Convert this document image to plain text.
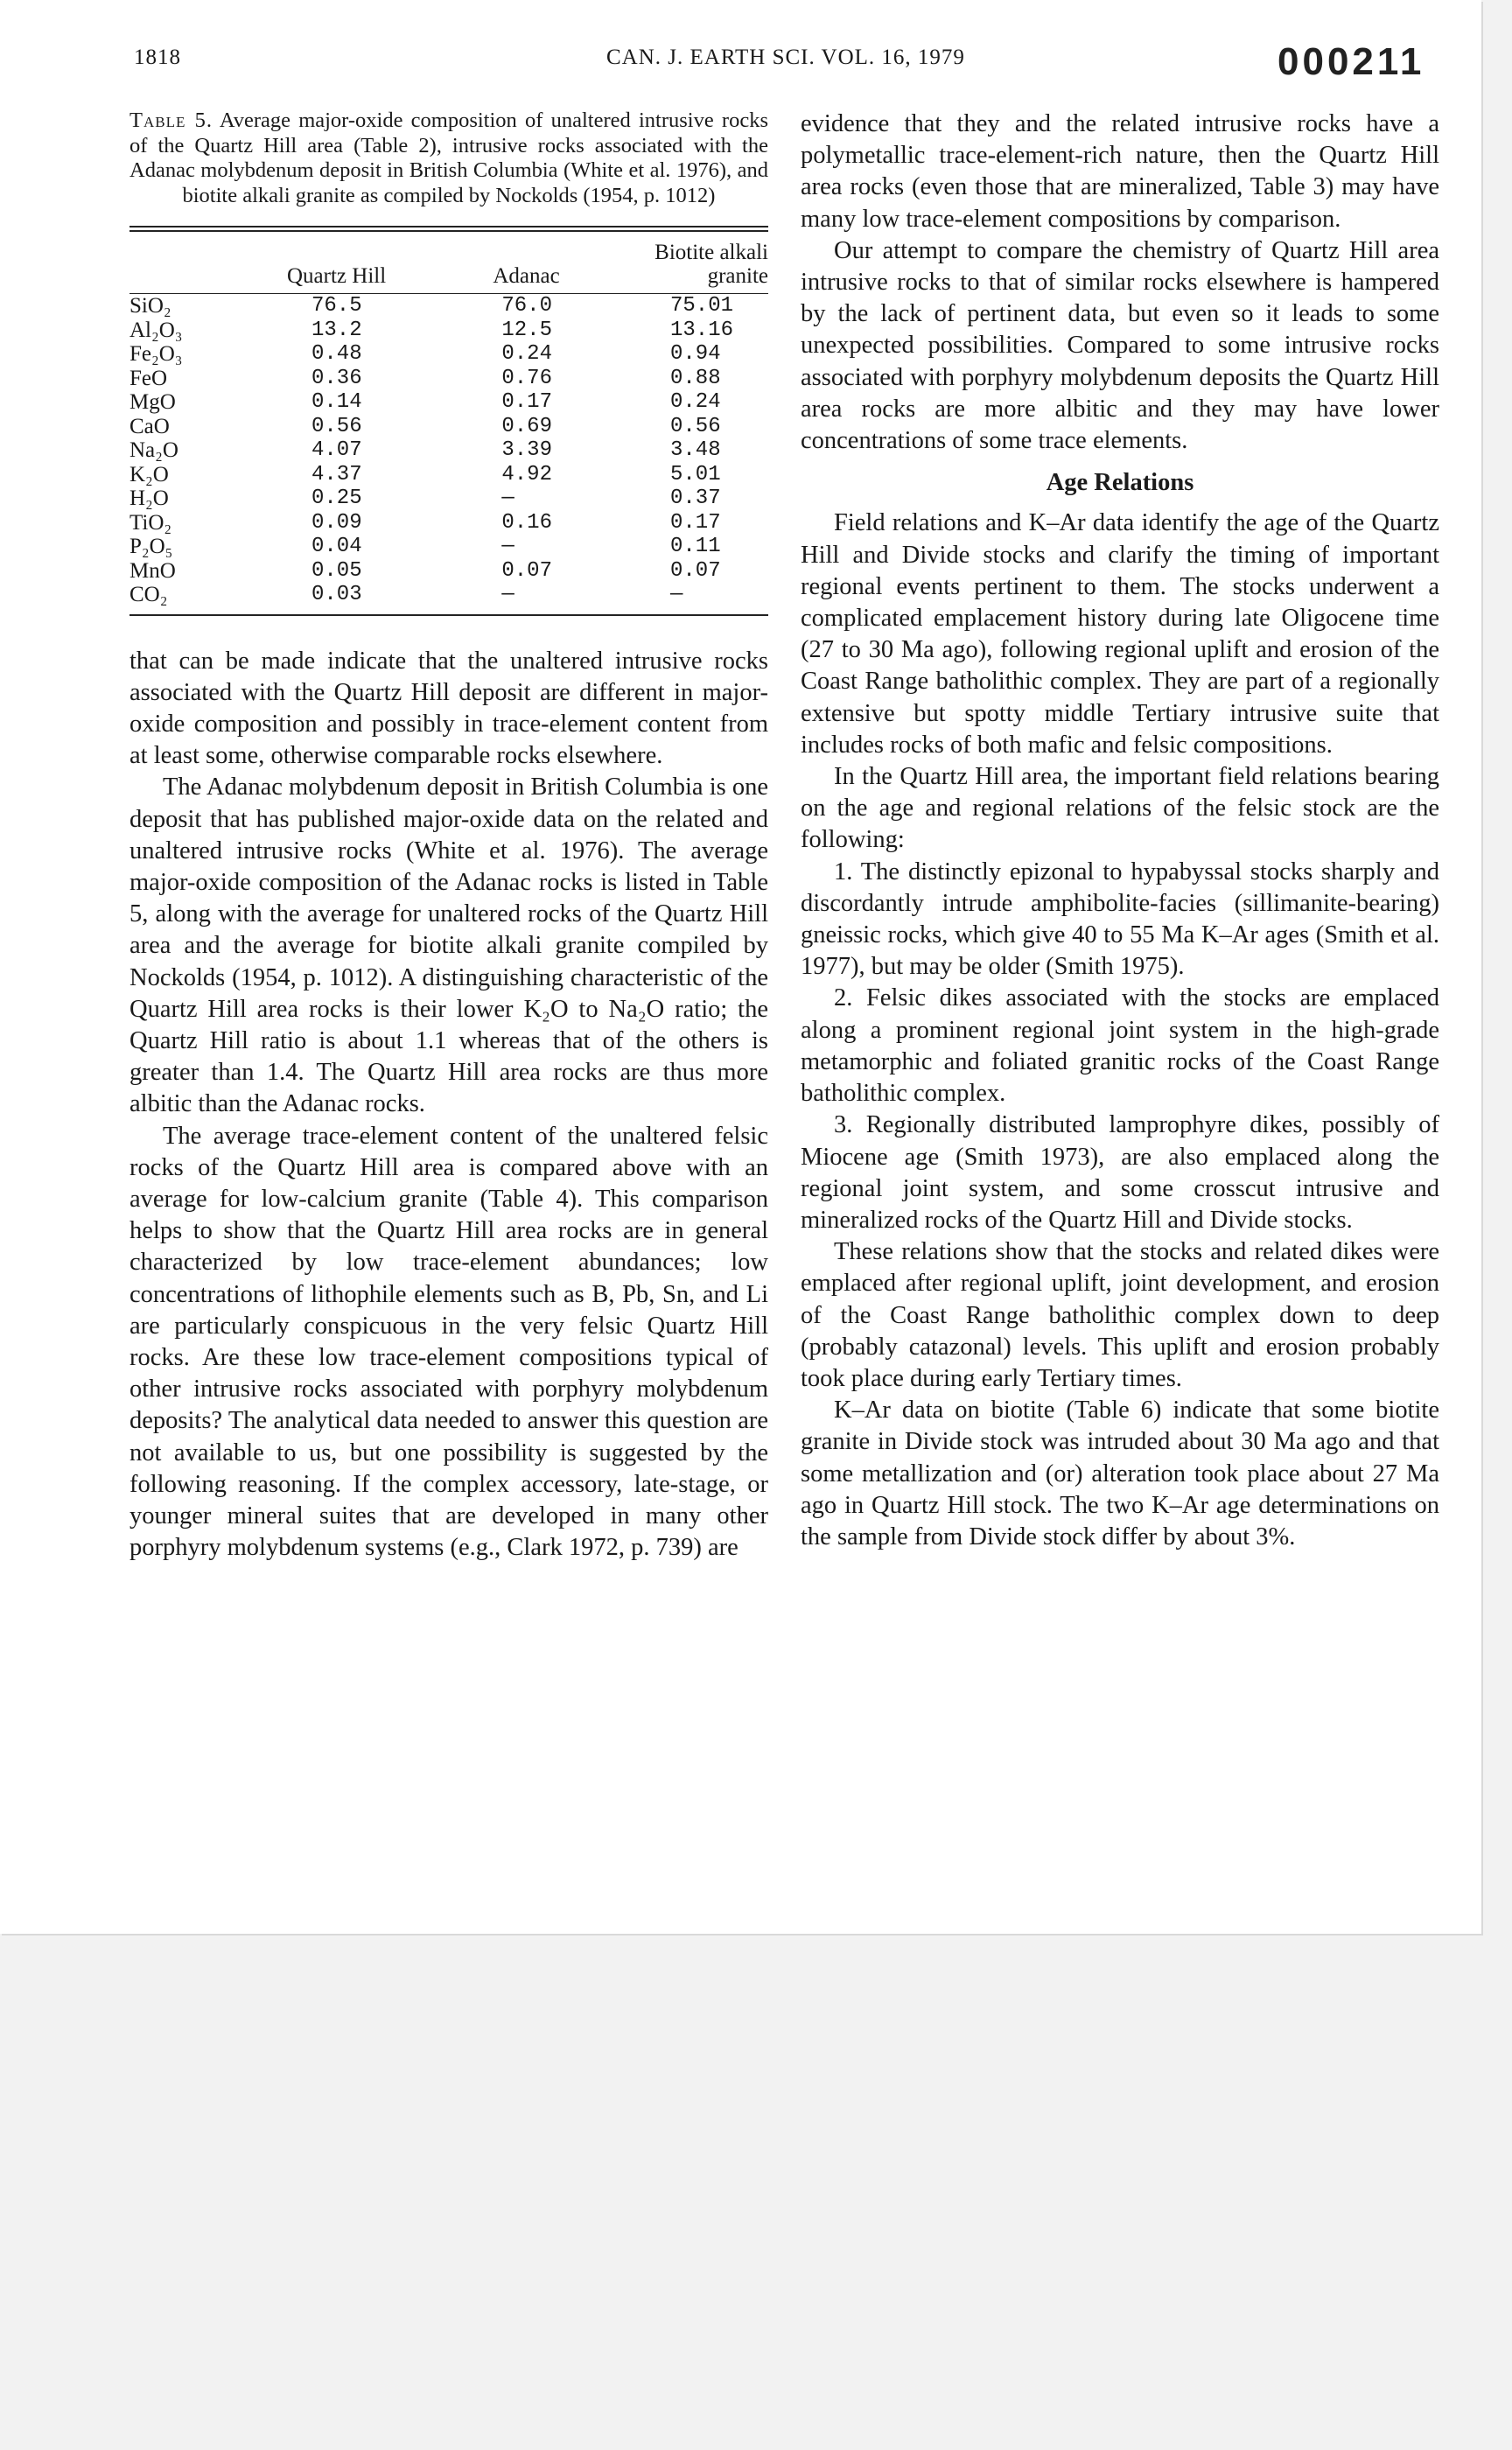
1818	CAN. J. EARTH SCI. VOL. 16, 1979	000211
Table 5. Average major-oxide composition of unaltered intrusive rocks of the Quartz Hill area (Table 2), intrusive rocks associated with the Adanac molybdenum deposit in British Columbia (White et al. 1976), and biotite alkali granite as compiled by Nockolds (1954, p. 1012)
	Quartz Hill	Adanac	Biotite alkali granite

SiO₂	76.5	76.0	75.01
Al₂O₃	13.2	12.5	13.16
Fe₂O₃	0.48	0.24	0.94
FeO	0.36	0.76	0.88
MgO	0.14	0.17	0.24
CaO	0.56	0.69	0.56
Na₂O	4.07	3.39	3.48
K₂O	4.37	4.92	5.01
H₂O	0.25	—	0.37
TiO₂	0.09	0.16	0.17
P₂O₅	0.04	—	0.11
MnO	0.05	0.07	0.07
CO₂	0.03	—	—

that can be made indicate that the unaltered intrusive rocks associated with the Quartz Hill deposit are different in major-oxide composition and possibly in trace-element content from at least some, otherwise comparable rocks elsewhere.

The Adanac molybdenum deposit in British Columbia is one deposit that has published major-oxide data on the related and unaltered intrusive rocks (White et al. 1976). The average major-oxide composition of the Adanac rocks is listed in Table 5, along with the average for unaltered rocks of the Quartz Hill area and the average for biotite alkali granite compiled by Nockolds (1954, p. 1012). A distinguishing characteristic of the Quartz Hill area rocks is their lower K₂O to Na₂O ratio; the Quartz Hill ratio is about 1.1 whereas that of the others is greater than 1.4. The Quartz Hill area rocks are thus more albitic than the Adanac rocks.

The average trace-element content of the unaltered felsic rocks of the Quartz Hill area is compared above with an average for low-calcium granite (Table 4). This comparison helps to show that the Quartz Hill area rocks are in general characterized by low trace-element abundances; low concentrations of lithophile elements such as B, Pb, Sn, and Li are particularly conspicuous in the very felsic Quartz Hill rocks. Are these low trace-element compositions typical of other intrusive rocks associated with porphyry molybdenum deposits? The analytical data needed to answer this question are not available to us, but one possibility is suggested by the following reasoning. If the complex accessory, late-stage, or younger mineral suites that are developed in many other porphyry molybdenum systems (e.g., Clark 1972, p. 739) are

evidence that they and the related intrusive rocks have a polymetallic trace-element-rich nature, then the Quartz Hill area rocks (even those that are mineralized, Table 3) may have many low trace-element compositions by comparison.

Our attempt to compare the chemistry of Quartz Hill area intrusive rocks to that of similar rocks elsewhere is hampered by the lack of pertinent data, but even so it leads to some unexpected possibilities. Compared to some intrusive rocks associated with porphyry molybdenum deposits the Quartz Hill area rocks are more albitic and they may have lower concentrations of some trace elements.

Age Relations

Field relations and K–Ar data identify the age of the Quartz Hill and Divide stocks and clarify the timing of important regional events pertinent to them. The stocks underwent a complicated emplacement history during late Oligocene time (27 to 30 Ma ago), following regional uplift and erosion of the Coast Range batholithic complex. They are part of a regionally extensive but spotty middle Tertiary intrusive suite that includes rocks of both mafic and felsic compositions.

In the Quartz Hill area, the important field relations bearing on the age and regional relations of the felsic stock are the following:

1. The distinctly epizonal to hypabyssal stocks sharply and discordantly intrude amphibolite-facies (sillimanite-bearing) gneissic rocks, which give 40 to 55 Ma K–Ar ages (Smith et al. 1977), but may be older (Smith 1975).

2. Felsic dikes associated with the stocks are emplaced along a prominent regional joint system in the high-grade metamorphic and foliated granitic rocks of the Coast Range batholithic complex.

3. Regionally distributed lamprophyre dikes, possibly of Miocene age (Smith 1973), are also emplaced along the regional joint system, and some crosscut intrusive and mineralized rocks of the Quartz Hill and Divide stocks.

These relations show that the stocks and related dikes were emplaced after regional uplift, joint development, and erosion of the Coast Range batholithic complex down to deep (probably catazonal) levels. This uplift and erosion probably took place during early Tertiary times.

K–Ar data on biotite (Table 6) indicate that some biotite granite in Divide stock was intruded about 30 Ma ago and that some metallization and (or) alteration took place about 27 Ma ago in Quartz Hill stock. The two K–Ar age determinations on the sample from Divide stock differ by about 3%.
